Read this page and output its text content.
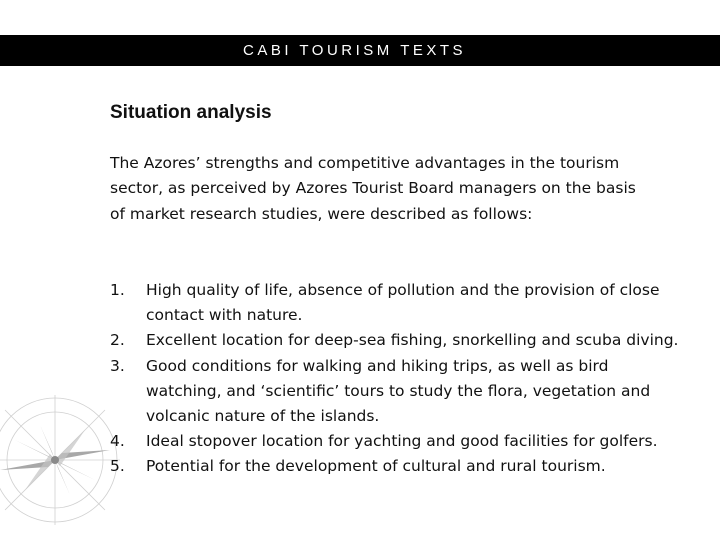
CABI TOURISM TEXTS
Situation analysis

The Azores’ strengths and competitive advantages in the tourism sector, as perceived by Azores Tourist Board managers on the basis of market research studies, were described as follows:

1. High quality of life, absence of pollution and the provision of close contact with nature.
2. Excellent location for deep-sea fishing, snorkelling and scuba diving.
3. Good conditions for walking and hiking trips, as well as bird watching, and ‘scientific’ tours to study the flora, vegetation and volcanic nature of the islands.
4. Ideal stopover location for yachting and good facilities for golfers.
5. Potential for the development of cultural and rural tourism.
